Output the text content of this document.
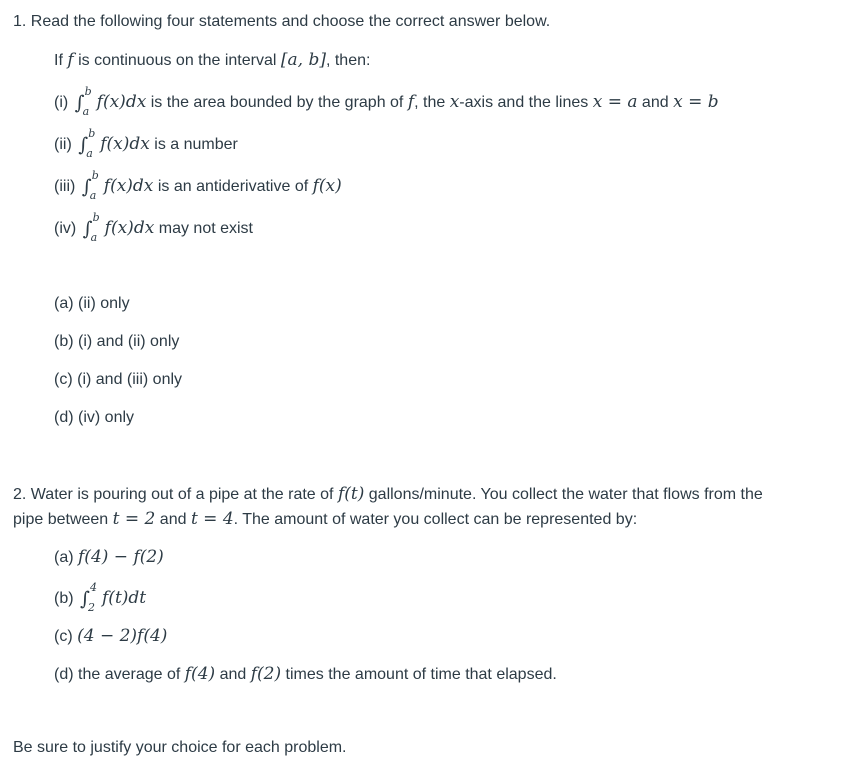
1. Read the following four statements and choose the correct answer below.
If f is continuous on the interval [a, b], then:
(i) ∫
b
a f(x)dx is the area bounded by the graph of f, the x-axis and the lines x = a and x = b
(ii) ∫
b
a f(x)dx is a number
(iii) ∫
b
a f(x)dx is an antiderivative of f(x)
(iv) ∫
b
a f(x)dx may not exist
(a) (ii) only
(b) (i) and (ii) only
(c) (i) and (iii) only
(d) (iv) only
2. Water is pouring out of a pipe at the rate of f(t) gallons/minute. You collect the water that flows from the
pipe between t = 2 and t = 4. The amount of water you collect can be represented by:
(a) f(4) − f(2)
(b) ∫
4
2 f(t)dt
(c) (4 − 2)f(4)
(d) the average of f(4) and f(2) times the amount of time that elapsed.
Be sure to justify your choice for each problem.
